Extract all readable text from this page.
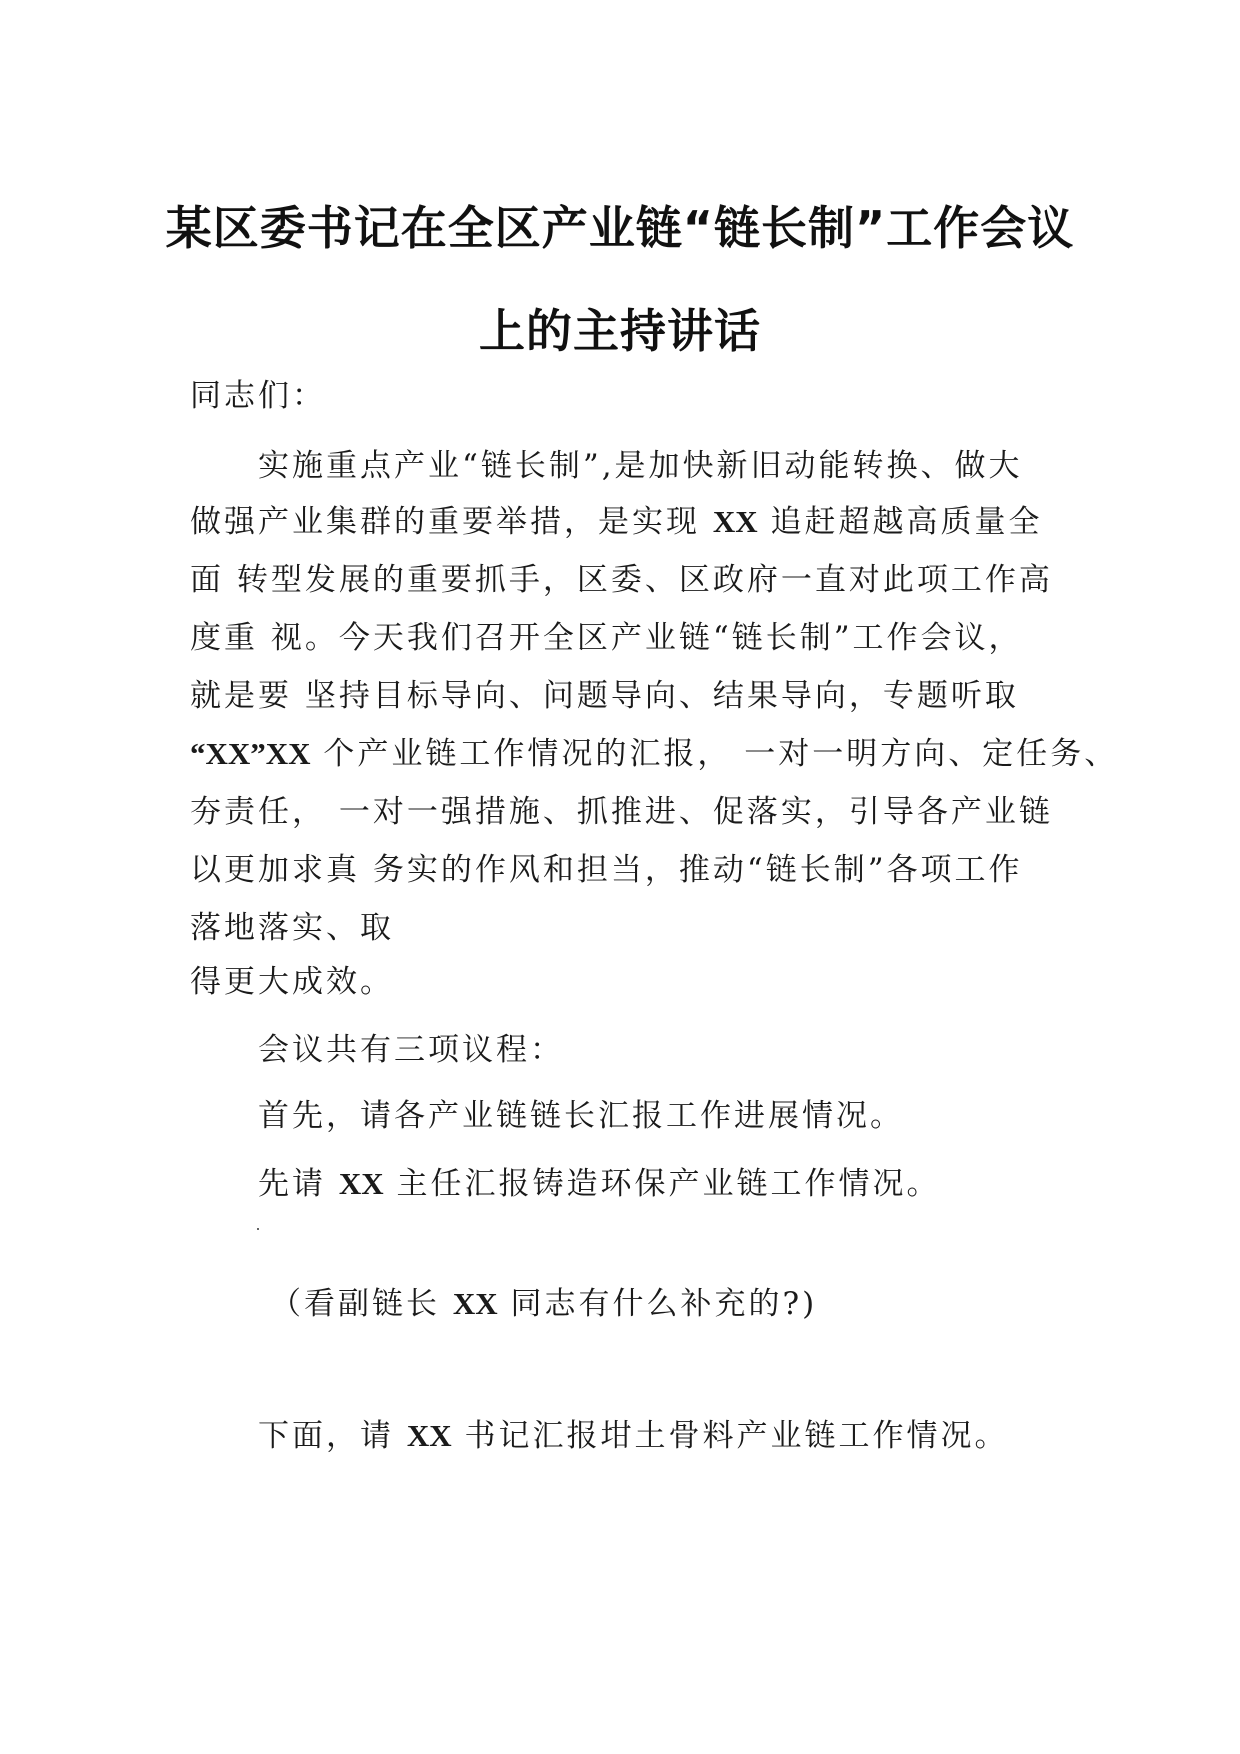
某区委书记在全区产业链“链长制”工作会议
上的主持讲话
同志们：
实施重点产业“链长制”,是加快新旧动能转换、做大
做强产业集群的重要举措，是实现 XX 追赶超越高质量全
面 转型发展的重要抓手，区委、区政府一直对此项工作高
度重 视。今天我们召开全区产业链“链长制”工作会议，
就是要 坚持目标导向、问题导向、结果导向，专题听取
“XX”XX 个产业链工作情况的汇报， 一对一明方向、定任务、
夯责任， 一对一强措施、抓推进、促落实，引导各产业链
以更加求真 务实的作风和担当，推动“链长制”各项工作
落地落实、取
得更大成效。
会议共有三项议程：
首先，请各产业链链长汇报工作进展情况。
先请 XX 主任汇报铸造环保产业链工作情况。
（看副链长 XX 同志有什么补充的?)
下面，请 XX 书记汇报坩土骨料产业链工作情况。
